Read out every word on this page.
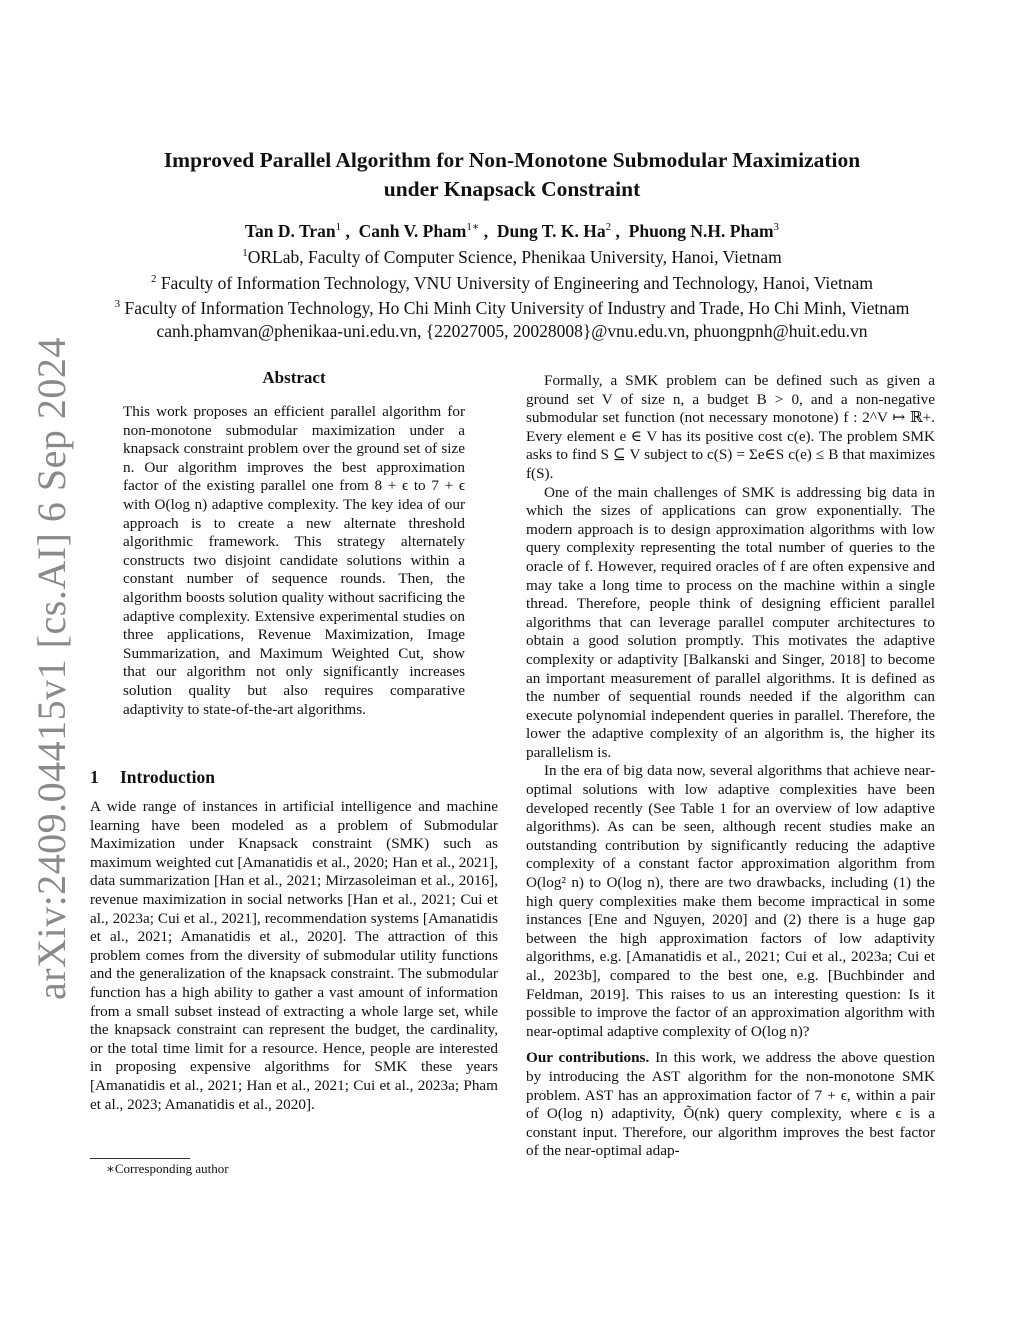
arXiv:2409.04415v1 [cs.AI] 6 Sep 2024
Improved Parallel Algorithm for Non-Monotone Submodular Maximization
under Knapsack Constraint
Tan D. Tran$^1$ ,  Canh V. Pham$^{1∗}$ ,  Dung T. K. Ha$^2$ ,  Phuong N.H. Pham$^3$
$^1$ORLab, Faculty of Computer Science, Phenikaa University, Hanoi, Vietnam
$^2$ Faculty of Information Technology, VNU University of Engineering and Technology, Hanoi, Vietnam
$^3$ Faculty of Information Technology, Ho Chi Minh City University of Industry and Trade, Ho Chi Minh, Vietnam
canh.phamvan@phenikaa-uni.edu.vn, {22027005, 20028008}@vnu.edu.vn, phuongpnh@huit.edu.vn
Abstract
This work proposes an efficient parallel algorithm for non-monotone submodular maximization under a knapsack constraint problem over the ground set of size n. Our algorithm improves the best approximation factor of the existing parallel one from 8 + ϵ to 7 + ϵ with O(log n) adaptive complexity. The key idea of our approach is to create a new alternate threshold algorithmic framework. This strategy alternately constructs two disjoint candidate solutions within a constant number of sequence rounds. Then, the algorithm boosts solution quality without sacrificing the adaptive complexity. Extensive experimental studies on three applications, Revenue Maximization, Image Summarization, and Maximum Weighted Cut, show that our algorithm not only significantly increases solution quality but also requires comparative adaptivity to state-of-the-art algorithms.
1 Introduction
A wide range of instances in artificial intelligence and machine learning have been modeled as a problem of Submodular Maximization under Knapsack constraint (SMK) such as maximum weighted cut [Amanatidis et al., 2020; Han et al., 2021], data summarization [Han et al., 2021; Mirzasoleiman et al., 2016], revenue maximization in social networks [Han et al., 2021; Cui et al., 2023a; Cui et al., 2021], recommendation systems [Amanatidis et al., 2021; Amanatidis et al., 2020]. The attraction of this problem comes from the diversity of submodular utility functions and the generalization of the knapsack constraint. The submodular function has a high ability to gather a vast amount of information from a small subset instead of extracting a whole large set, while the knapsack constraint can represent the budget, the cardinality, or the total time limit for a resource. Hence, people are interested in proposing expensive algorithms for SMK these years [Amanatidis et al., 2021; Han et al., 2021; Cui et al., 2023a; Pham et al., 2023; Amanatidis et al., 2020].
∗Corresponding author

Formally, a SMK problem can be defined such as given a ground set V of size n, a budget B > 0, and a non-negative submodular set function (not necessary monotone) f : 2^V ↦ ℝ+. Every element e ∈ V has its positive cost c(e). The problem SMK asks to find S ⊆ V subject to c(S) = Σe∈S c(e) ≤ B that maximizes f(S).

One of the main challenges of SMK is addressing big data in which the sizes of applications can grow exponentially. The modern approach is to design approximation algorithms with low query complexity representing the total number of queries to the oracle of f. However, required oracles of f are often expensive and may take a long time to process on the machine within a single thread. Therefore, people think of designing efficient parallel algorithms that can leverage parallel computer architectures to obtain a good solution promptly. This motivates the adaptive complexity or adaptivity [Balkanski and Singer, 2018] to become an important measurement of parallel algorithms. It is defined as the number of sequential rounds needed if the algorithm can execute polynomial independent queries in parallel. Therefore, the lower the adaptive complexity of an algorithm is, the higher its parallelism is.

In the era of big data now, several algorithms that achieve near-optimal solutions with low adaptive complexities have been developed recently (See Table 1 for an overview of low adaptive algorithms). As can be seen, although recent studies make an outstanding contribution by significantly reducing the adaptive complexity of a constant factor approximation algorithm from O(log² n) to O(log n), there are two drawbacks, including (1) the high query complexities make them become impractical in some instances [Ene and Nguyen, 2020] and (2) there is a huge gap between the high approximation factors of low adaptivity algorithms, e.g. [Amanatidis et al., 2021; Cui et al., 2023a; Cui et al., 2023b], compared to the best one, e.g. [Buchbinder and Feldman, 2019]. This raises to us an interesting question: Is it possible to improve the factor of an approximation algorithm with near-optimal adaptive complexity of O(log n)?

Our contributions. In this work, we address the above question by introducing the AST algorithm for the non-monotone SMK problem. AST has an approximation factor of 7 + ϵ, within a pair of O(log n) adaptivity, Õ(nk) query complexity, where ϵ is a constant input. Therefore, our algorithm improves the best factor of the near-optimal adap-
